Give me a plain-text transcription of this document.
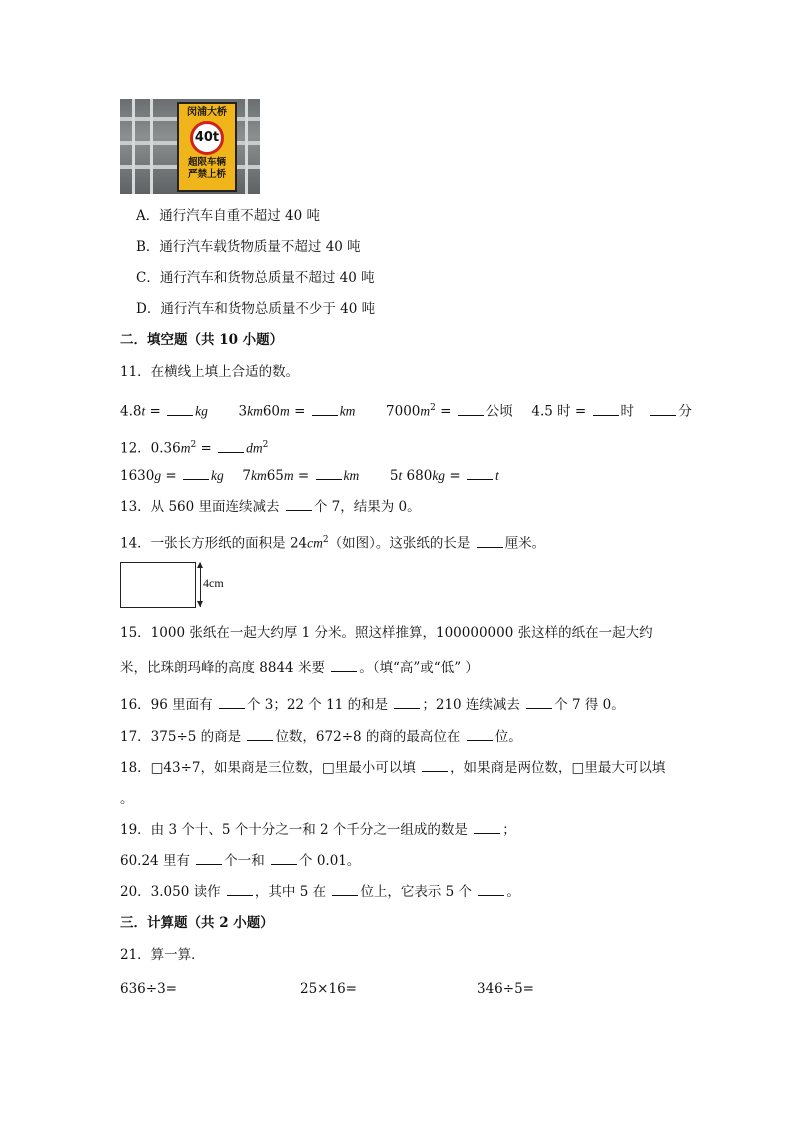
闵浦大桥
40t
超限车辆
严禁上桥
A．通行汽车自重不超过 40 吨
B．通行汽车载货物质量不超过 40 吨
C．通行汽车和货物总质量不超过 40 吨
D．通行汽车和货物总质量不少于 40 吨
二．填空题（共 10 小题）
11．在横线上填上合适的数。
4.8t = kg 3km60m = km $7000m^2$ = 公顷 4.5 时 = 时	分
12．$0.36m^2 = dm^2$
1630g = kg 7km65m = km 5t 680kg = t
13．从 560 里面连续减去 个 7，结果为 0。
14．一张长方形纸的面积是 $24cm^2$（如图）。这张纸的长是 厘米。
4cm
15．1000 张纸在一起大约厚 1 分米。照这样推算，100000000 张这样的纸在一起大约
米，比珠朗玛峰的高度 8844 米要 。（填“高”或“低” ）
16．96 里面有 个 3；22 个 11 的和是 ；210 连续减去 个 7 得 0。
17．375÷5 的商是 位数，672÷8 的商的最高位在 位。
18．□43÷7，如果商是三位数，□里最小可以填 ，如果商是两位数，□里最大可以填
。
19．由 3 个十、5 个十分之一和 2 个千分之一组成的数是 ；
60.24 里有 个一和 个 0.01。
20．3.050 读作 ，其中 5 在 位上，它表示 5 个 。
三．计算题（共 2 小题）
21．算一算．
636÷3=	25×16=	346÷5=
